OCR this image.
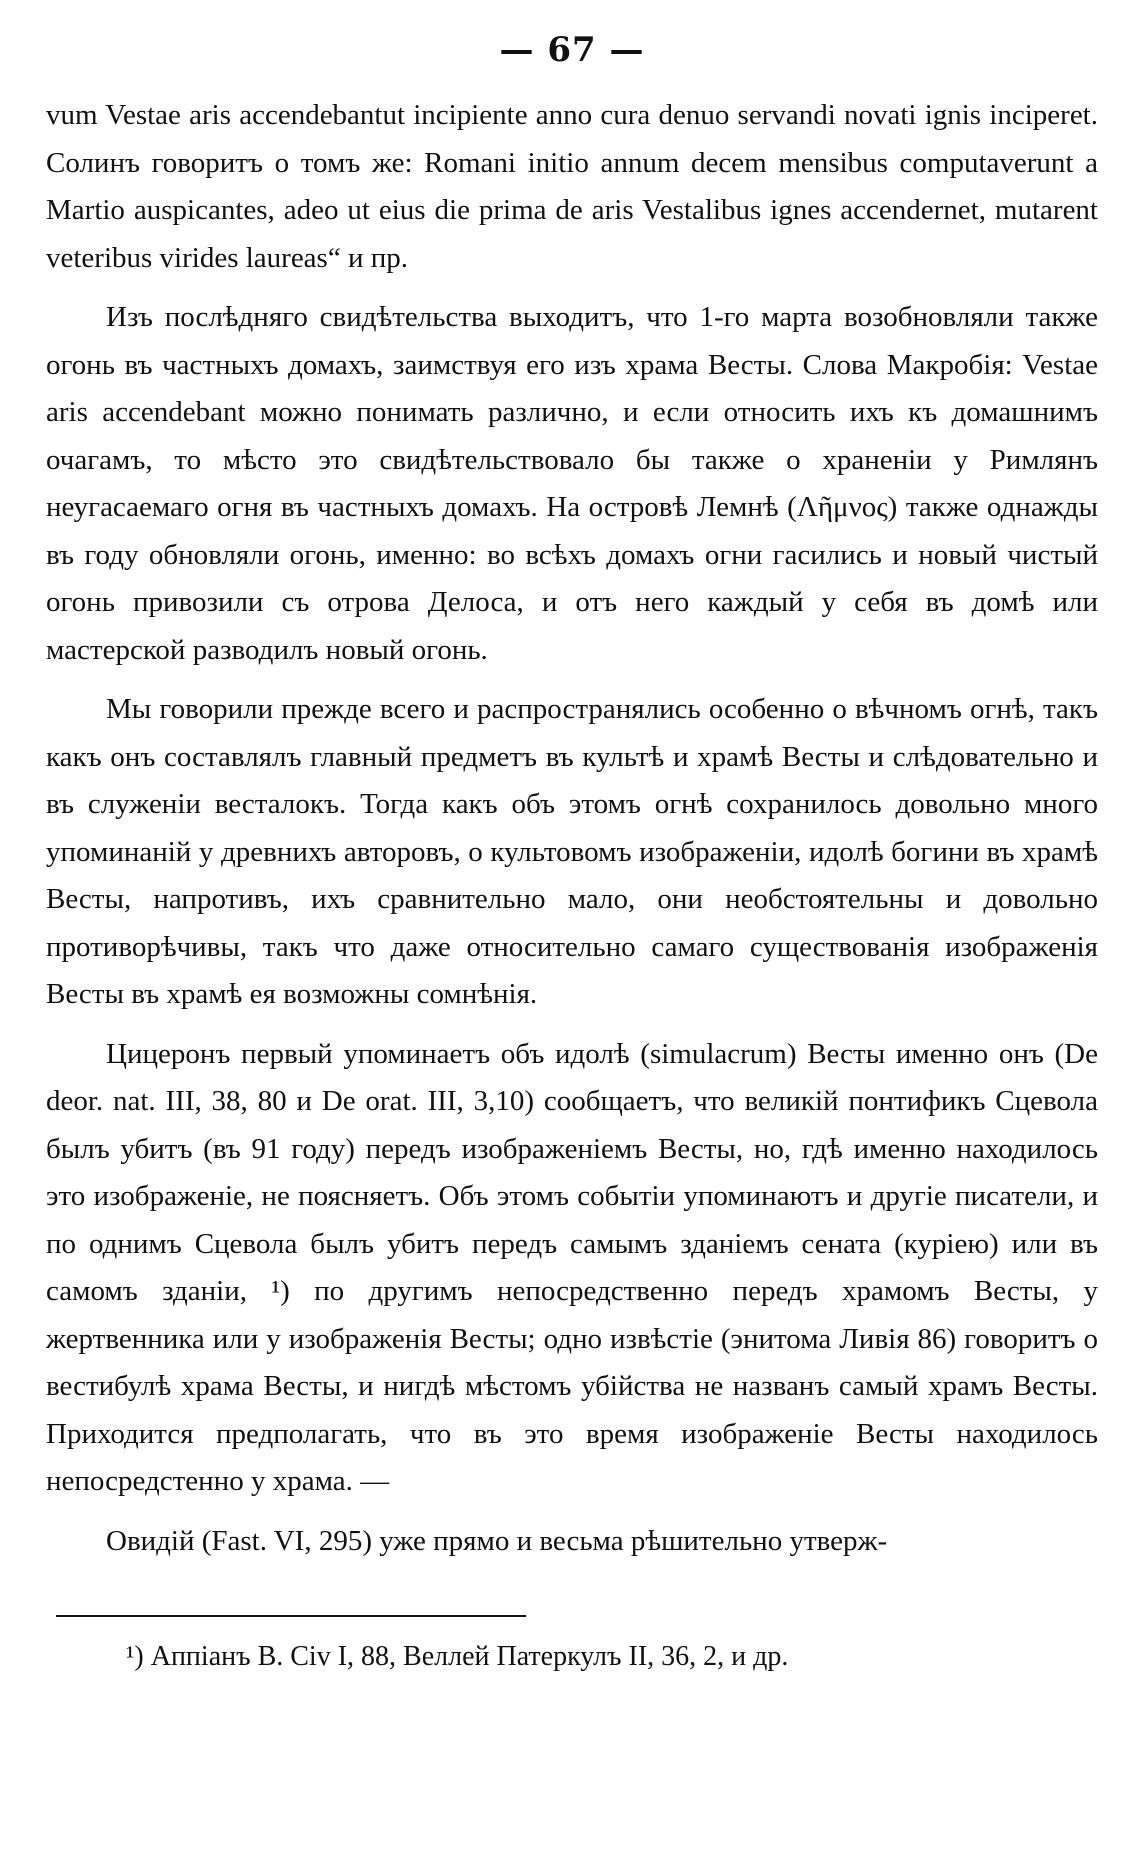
— 67 —

vum Vestae aris accendebantut incipiente anno cura denuo servandi novati ignis inciperet. Солинъ говоритъ о томъ же: Romani initio annum decem mensibus computaverunt a Martio auspicantes, adeo ut eius die prima de aris Vestalibus ignes accendernet, mutarent veteribus virides laureas“ и пр.

Изъ послѣдняго свидѣтельства выходитъ, что 1-го марта возобновляли также огонь въ частныхъ домахъ, заимствуя его изъ храма Весты. Слова Макробія: Vestae aris accendebant можно понимать различно, и если относить ихъ къ домашнимъ очагамъ, то мѣсто это свидѣтельствовало бы также о храненіи у Римлянъ неугасаемаго огня въ частныхъ домахъ. На островѣ Лемнѣ (Λῆμνος) также однажды въ году обновляли огонь, именно: во всѣхъ домахъ огни гасились и новый чистый огонь привозили съ отрова Делоса, и отъ него каждый у себя въ домѣ или мастерской разводилъ новый огонь.

Мы говорили прежде всего и распространялись особенно о вѣчномъ огнѣ, такъ какъ онъ составлялъ главный предметъ въ культѣ и храмѣ Весты и слѣдовательно и въ служеніи весталокъ. Тогда какъ объ этомъ огнѣ сохранилось довольно много упоминаній у древнихъ авторовъ, о культовомъ изображеніи, идолѣ богини въ храмѣ Весты, напротивъ, ихъ сравнительно мало, они необстоятельны и довольно противорѣчивы, такъ что даже относительно самаго существованія изображенія Весты въ храмѣ ея возможны сомнѣнія.

Цицеронъ первый упоминаетъ объ идолѣ (simulacrum) Весты именно онъ (De deor. nat. III, 38, 80 и De orat. III, 3,10) сообщаетъ, что великій понтификъ Сцевола былъ убитъ (въ 91 году) передъ изображеніемъ Весты, но, гдѣ именно находилось это изображеніе, не поясняетъ. Объ этомъ событіи упоминаютъ и другіе писатели, и по однимъ Сцевола былъ убитъ передъ самымъ зданіемъ сената (куріею) или въ самомъ зданіи, ¹) по другимъ непосредственно передъ храмомъ Весты, у жертвенника или у изображенія Весты; одно извѣстіе (энитома Ливія 86) говоритъ о вестибулѣ храма Весты, и нигдѣ мѣстомъ убійства не названъ самый храмъ Весты. Приходится предполагать, что въ это время изображеніе Весты находилось непосредстенно у храма. —

Овидій (Fast. VI, 295) уже прямо и весьма рѣшительно утверж-

¹) Аппіанъ B. Civ I, 88, Веллей Патеркулъ II, 36, 2, и др.
